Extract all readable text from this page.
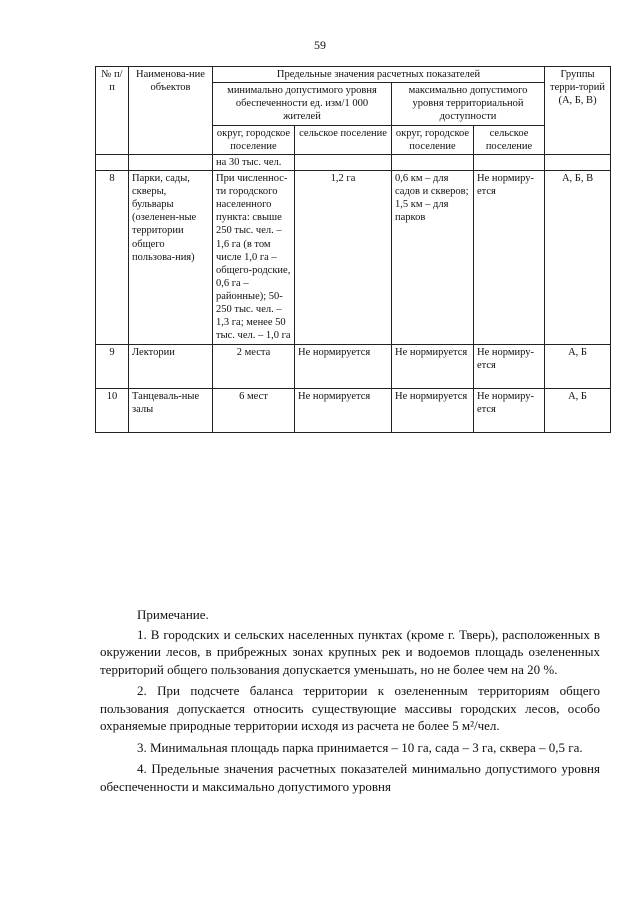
59
№ п/п	Наименова-ние объектов	Предельные значения расчетных показателей				Группы терри-торий (А, Б, В)
		минимально допустимого уровня обеспеченности ед. изм/1 000 жителей		максимально допустимого уровня территориальной доступности		
		округ, городское поселение	сельское поселение	округ, городское поселение	сельское поселение	
		на 30 тыс. чел.				
8	Парки, сады, скверы, бульвары (озеленен-ные территории общего пользова-ния)	При численнос-ти городского населенного пункта: свыше 250 тыс. чел. – 1,6 га (в том числе 1,0 га – общего-родские, 0,6 га – районные); 50-250 тыс. чел. – 1,3 га; менее 50 тыс. чел. – 1,0 га	1,2 га	0,6 км – для садов и скверов; 1,5 км – для парков	Не нормиру-ется	А, Б, В
9	Лектории	2 места	Не нормируется	Не нормируется	Не нормиру-ется	А, Б
10	Танцеваль-ные залы	6 мест	Не нормируется	Не нормируется	Не нормиру-ется	А, Б

Примечание.

1. В городских и сельских населенных пунктах (кроме г. Тверь), расположенных в окружении лесов, в прибрежных зонах крупных рек и водоемов площадь озелененных территорий общего пользования допускается уменьшать, но не более чем на 20 %.

2. При подсчете баланса территории к озелененным территориям общего пользования допускается относить существующие массивы городских лесов, особо охраняемые природные территории исходя из расчета не более 5 м²/чел.

3. Минимальная площадь парка принимается – 10 га, сада – 3 га, сквера – 0,5 га.

4. Предельные значения расчетных показателей минимально допустимого уровня обеспеченности и максимально допустимого уровня
